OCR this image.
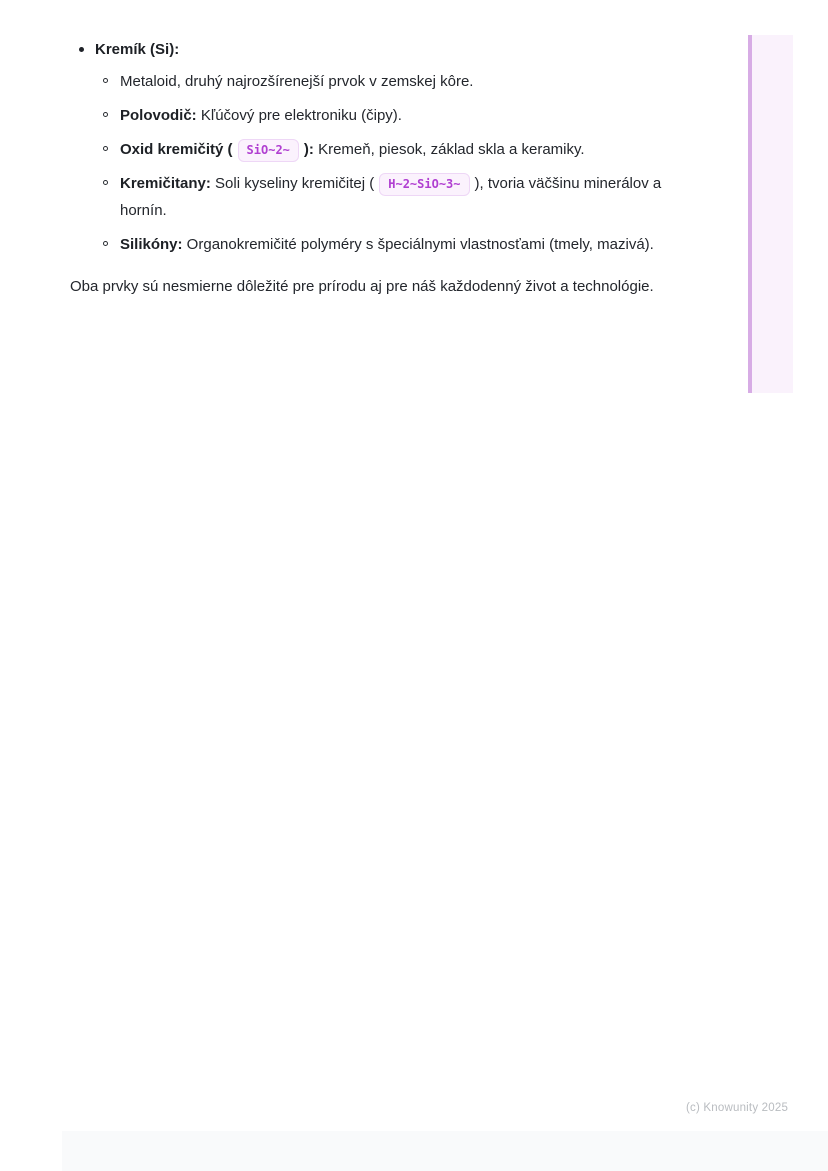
Kremík (Si):
Metaloid, druhý najrozšírenejší prvok v zemskej kôre.
Polovodič: Kľúčový pre elektroniku (čipy).
Oxid kremičitý ( SiO~2~ ): Kremeň, piesok, základ skla a keramiky.
Kremičitany: Soli kyseliny kremičitej ( H~2~SiO~3~ ), tvoria väčšinu minerálov a hornín.
Silikóny: Organokremičité polyméry s špeciálnymi vlastnosťami (tmely, mazivá).

Oba prvky sú nesmierne dôležité pre prírodu aj pre náš každodenný život a technológie.

(c) Knowunity 2025
